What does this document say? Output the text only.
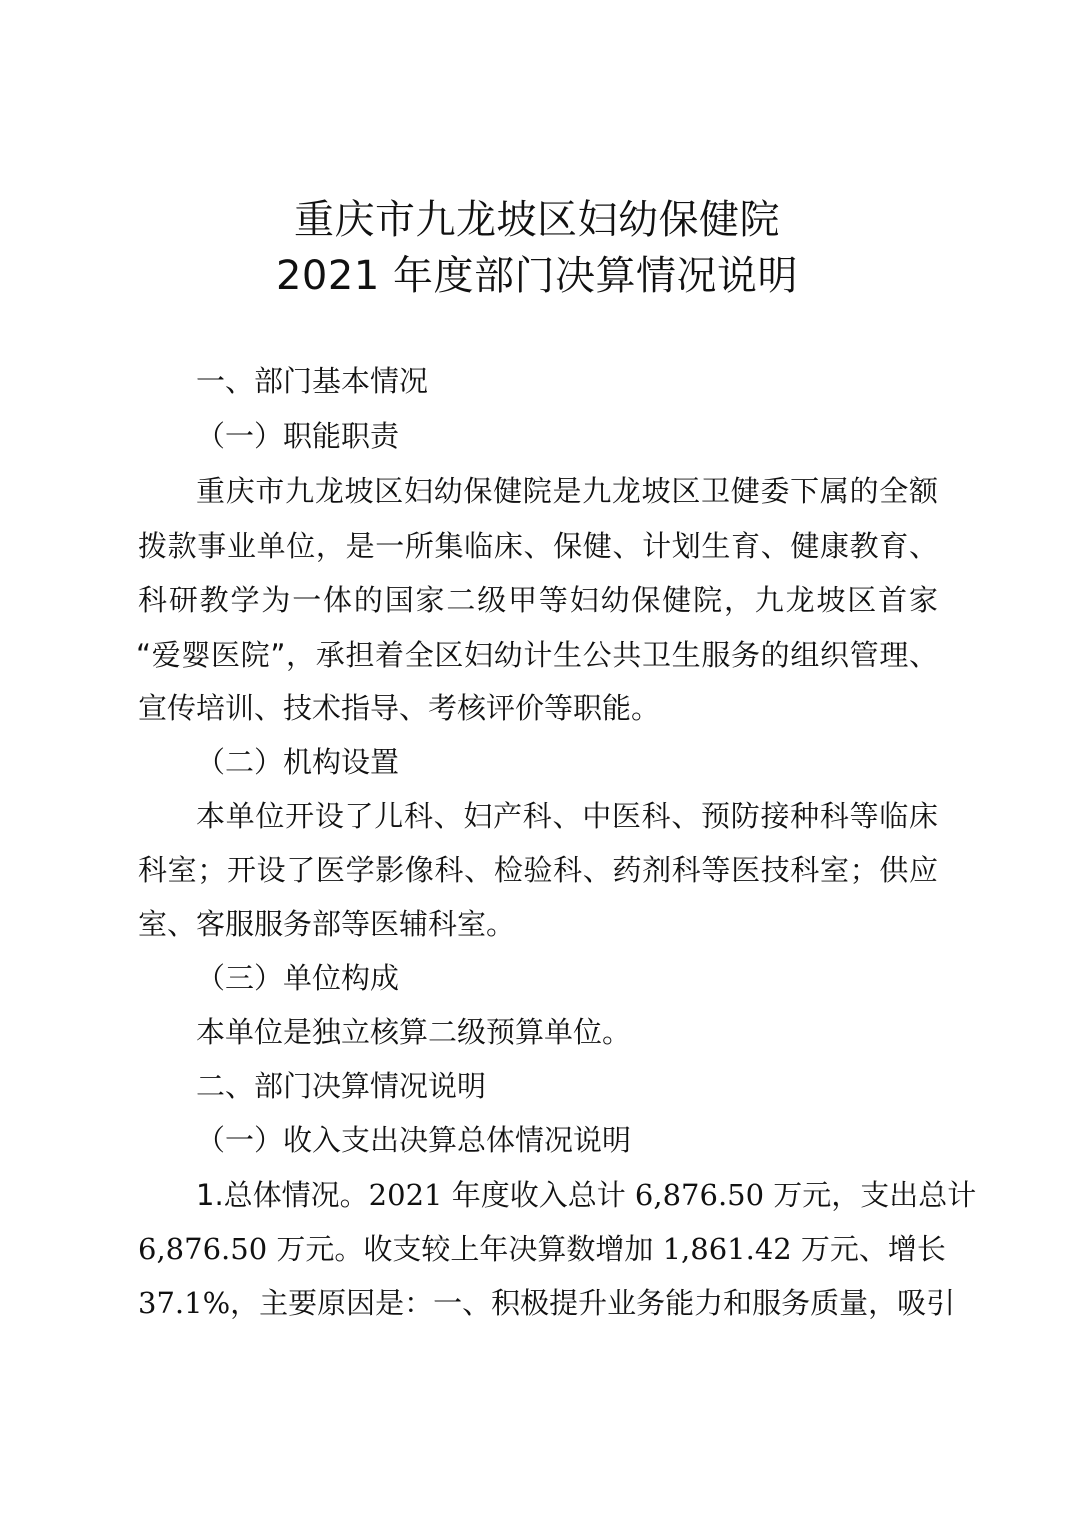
重庆市九龙坡区妇幼保健院
2021 年度部门决算情况说明
一、部门基本情况
（一）职能职责
重庆市九龙坡区妇幼保健院是九龙坡区卫健委下属的全额
拨款事业单位，是一所集临床、保健、计划生育、健康教育、
科研教学为一体的国家二级甲等妇幼保健院，九龙坡区首家
“爱婴医院”，承担着全区妇幼计生公共卫生服务的组织管理、
宣传培训、技术指导、考核评价等职能。
（二）机构设置
本单位开设了儿科、妇产科、中医科、预防接种科等临床
科室；开设了医学影像科、检验科、药剂科等医技科室；供应
室、客服服务部等医辅科室。
（三）单位构成
本单位是独立核算二级预算单位。
二、部门决算情况说明
（一）收入支出决算总体情况说明
1.总体情况。2021 年度收入总计 6,876.50 万元，支出总计
6,876.50 万元。收支较上年决算数增加 1,861.42 万元、增长
37.1%，主要原因是：一、积极提升业务能力和服务质量，吸引
